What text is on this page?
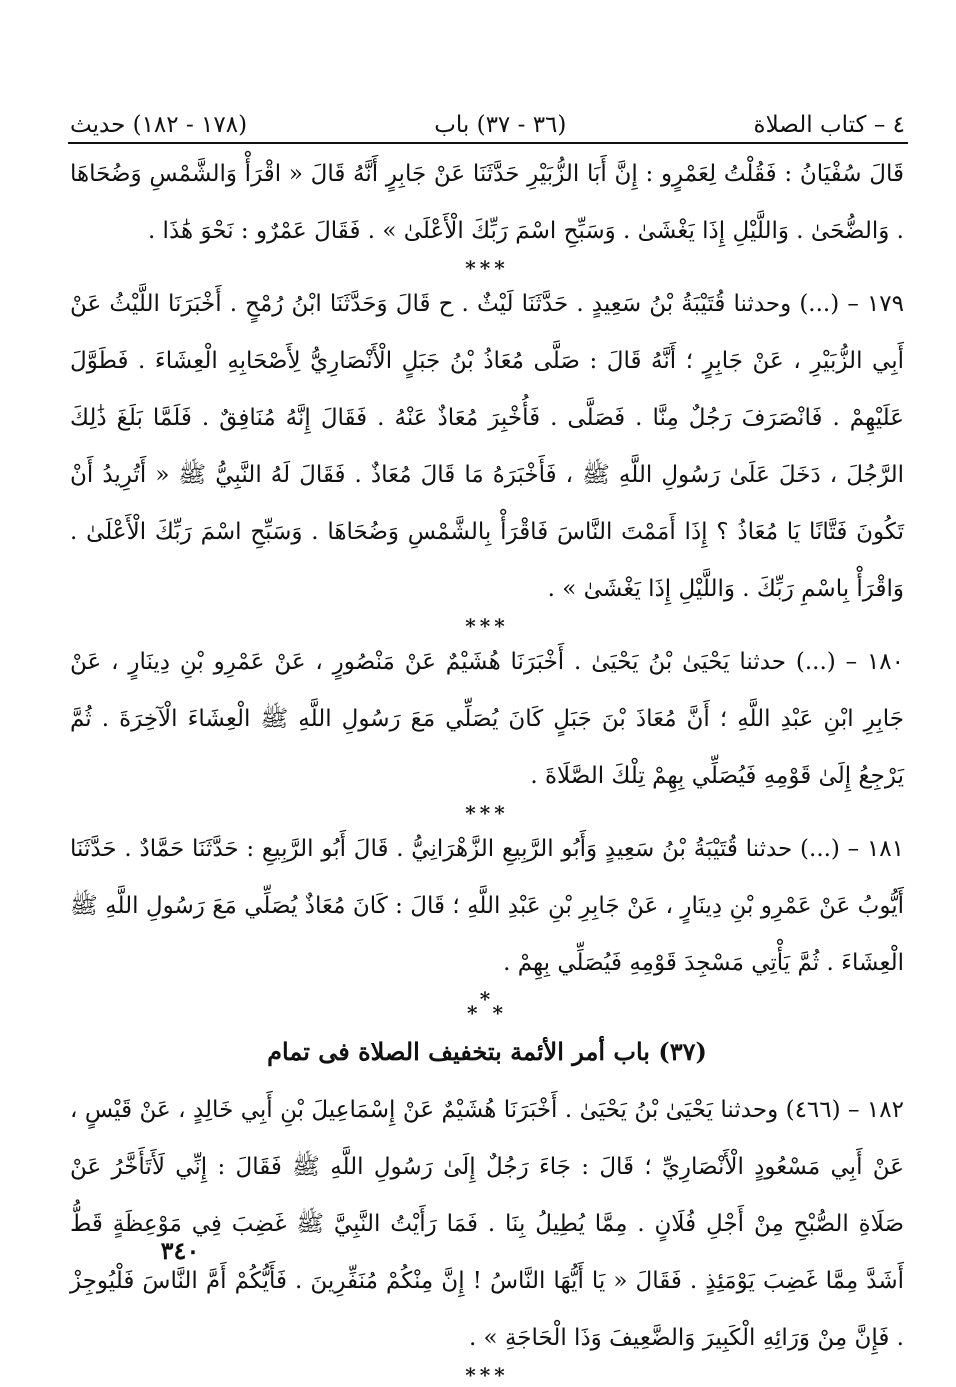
٤ – كتاب الصلاة
(٣٦ - ٣٧) باب
(١٧٨ - ١٨٢) حديث

قَالَ سُفْيَانُ : فَقُلْتُ لِعَمْرٍو : إِنَّ أَبَا الزُّبَيْرِ حَدَّثَنَا عَنْ جَابِرٍ أَنَّهُ قَالَ « اقْرَأْ وَالشَّمْسِ وَضُحَاهَا . وَالضُّحَىٰ . وَاللَّيْلِ إِذَا يَغْشَىٰ . وَسَبِّحِ اسْمَ رَبِّكَ الْأَعْلَىٰ » . فَقَالَ عَمْرٌو : نَحْوَ هَٰذَا .

***

١٧٩ – (...) وحدثنا قُتَيْبَةُ بْنُ سَعِيدٍ . حَدَّثَنَا لَيْثٌ . ح قَالَ وَحَدَّثَنَا ابْنُ رُمْحٍ . أَخْبَرَنَا اللَّيْثُ عَنْ أَبِي الزُّبَيْرِ ، عَنْ جَابِرٍ ؛ أَنَّهُ قَالَ : صَلَّى مُعَاذُ بْنُ جَبَلٍ الْأَنْصَارِيُّ لِأَصْحَابِهِ الْعِشَاءَ . فَطَوَّلَ عَلَيْهِمْ . فَانْصَرَفَ رَجُلٌ مِنَّا . فَصَلَّى . فَأُخْبِرَ مُعَاذٌ عَنْهُ . فَقَالَ إِنَّهُ مُنَافِقٌ . فَلَمَّا بَلَغَ ذَٰلِكَ الرَّجُلَ ، دَخَلَ عَلَىٰ رَسُولِ اللَّهِ ﷺ ، فَأَخْبَرَهُ مَا قَالَ مُعَاذٌ . فَقَالَ لَهُ النَّبِيُّ ﷺ « أَتُرِيدُ أَنْ تَكُونَ فَتَّانًا يَا مُعَاذُ ؟ إِذَا أَمَمْتَ النَّاسَ فَاقْرَأْ بِالشَّمْسِ وَضُحَاهَا . وَسَبِّحِ اسْمَ رَبِّكَ الْأَعْلَىٰ . وَاقْرَأْ بِاسْمِ رَبِّكَ . وَاللَّيْلِ إِذَا يَغْشَىٰ » .

***

١٨٠ – (...) حدثنا يَحْيَىٰ بْنُ يَحْيَىٰ . أَخْبَرَنَا هُشَيْمٌ عَنْ مَنْصُورٍ ، عَنْ عَمْرِو بْنِ دِينَارٍ ، عَنْ جَابِرِ ابْنِ عَبْدِ اللَّهِ ؛ أَنَّ مُعَاذَ بْنَ جَبَلٍ كَانَ يُصَلِّي مَعَ رَسُولِ اللَّهِ ﷺ الْعِشَاءَ الْآخِرَةَ . ثُمَّ يَرْجِعُ إِلَىٰ قَوْمِهِ فَيُصَلِّي بِهِمْ تِلْكَ الصَّلَاةَ .

***

١٨١ – (...) حدثنا قُتَيْبَةُ بْنُ سَعِيدٍ وَأَبُو الرَّبِيعِ الزَّهْرَانِيُّ . قَالَ أَبُو الرَّبِيعِ : حَدَّثَنَا حَمَّادٌ . حَدَّثَنَا أَيُّوبُ عَنْ عَمْرِو بْنِ دِينَارٍ ، عَنْ جَابِرِ بْنِ عَبْدِ اللَّهِ ؛ قَالَ : كَانَ مُعَاذٌ يُصَلِّي مَعَ رَسُولِ اللَّهِ ﷺ الْعِشَاءَ . ثُمَّ يَأْتِي مَسْجِدَ قَوْمِهِ فَيُصَلِّي بِهِمْ .

*
* *
(٣٧) باب أمر الأئمة بتخفيف الصلاة فى تمام

١٨٢ – (٤٦٦) وحدثنا يَحْيَىٰ بْنُ يَحْيَىٰ . أَخْبَرَنَا هُشَيْمٌ عَنْ إِسْمَاعِيلَ بْنِ أَبِي خَالِدٍ ، عَنْ قَيْسٍ ، عَنْ أَبِي مَسْعُودٍ الْأَنْصَارِيِّ ؛ قَالَ : جَاءَ رَجُلٌ إِلَىٰ رَسُولِ اللَّهِ ﷺ فَقَالَ : إِنِّي لَأَتَأَخَّرُ عَنْ صَلَاةِ الصُّبْحِ مِنْ أَجْلِ فُلَانٍ . مِمَّا يُطِيلُ بِنَا . فَمَا رَأَيْتُ النَّبِيَّ ﷺ غَضِبَ فِي مَوْعِظَةٍ قَطُّ أَشَدَّ مِمَّا غَضِبَ يَوْمَئِذٍ . فَقَالَ « يَا أَيُّهَا النَّاسُ ! إِنَّ مِنْكُمْ مُنَفِّرِينَ . فَأَيُّكُمْ أَمَّ النَّاسَ فَلْيُوجِزْ . فَإِنَّ مِنْ وَرَائِهِ الْكَبِيرَ وَالضَّعِيفَ وَذَا الْحَاجَةِ » .

***
٣٤٠
